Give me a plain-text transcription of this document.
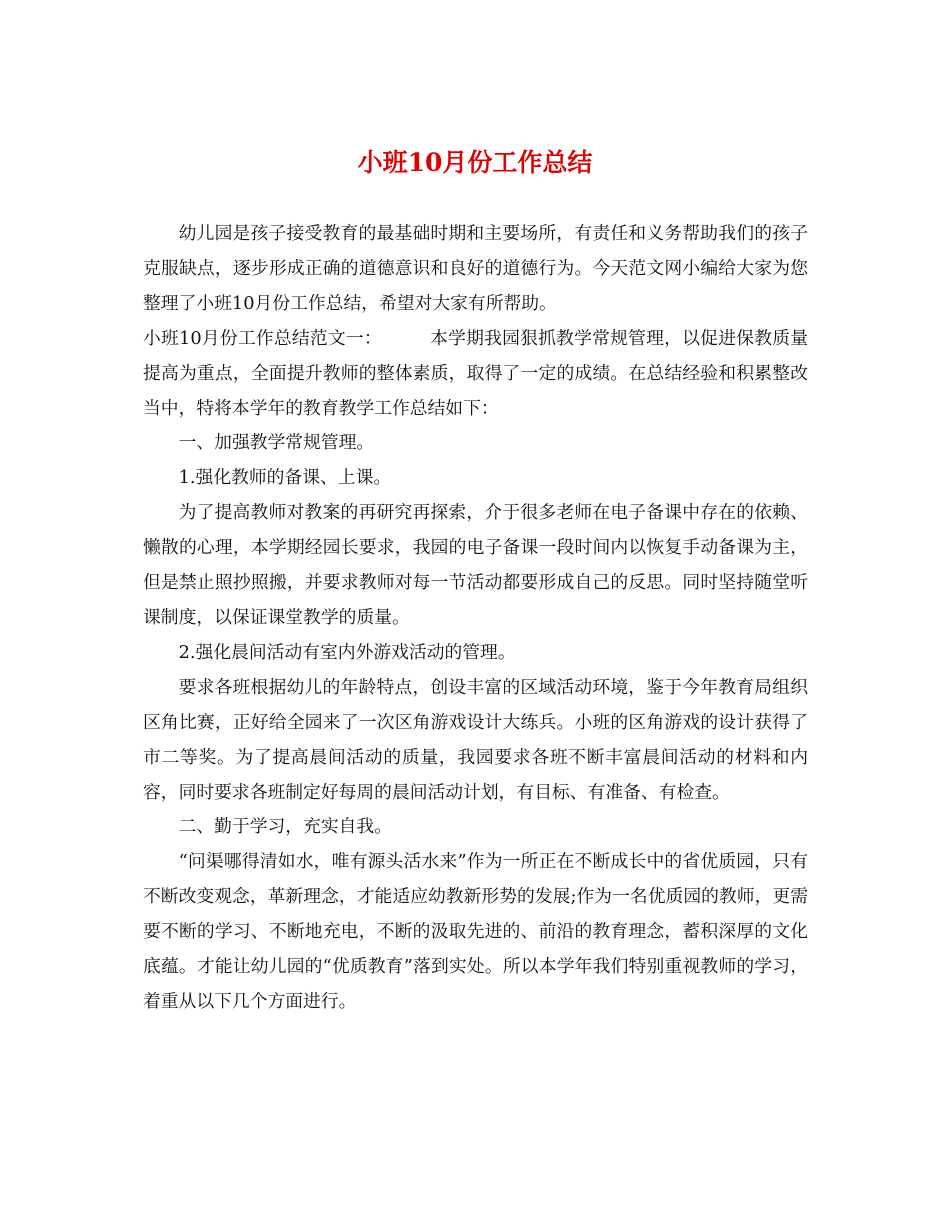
小班10月份工作总结

幼儿园是孩子接受教育的最基础时期和主要场所，有责任和义务帮助我们的孩子克服缺点，逐步形成正确的道德意识和良好的道德行为。今天范文网小编给大家为您整理了小班10月份工作总结，希望对大家有所帮助。

小班10月份工作总结范文一：	本学期我园狠抓教学常规管理，以促进保教质量提高为重点，全面提升教师的整体素质，取得了一定的成绩。在总结经验和积累整改当中，特将本学年的教育教学工作总结如下：

一、加强教学常规管理。

1.强化教师的备课、上课。

为了提高教师对教案的再研究再探索，介于很多老师在电子备课中存在的依赖、懒散的心理，本学期经园长要求，我园的电子备课一段时间内以恢复手动备课为主，但是禁止照抄照搬，并要求教师对每一节活动都要形成自己的反思。同时坚持随堂听课制度，以保证课堂教学的质量。

2.强化晨间活动有室内外游戏活动的管理。

要求各班根据幼儿的年龄特点，创设丰富的区域活动环境，鉴于今年教育局组织区角比赛，正好给全园来了一次区角游戏设计大练兵。小班的区角游戏的设计获得了市二等奖。为了提高晨间活动的质量，我园要求各班不断丰富晨间活动的材料和内容，同时要求各班制定好每周的晨间活动计划，有目标、有准备、有检查。

二、勤于学习，充实自我。

“问渠哪得清如水，唯有源头活水来”作为一所正在不断成长中的省优质园，只有不断改变观念，革新理念，才能适应幼教新形势的发展;作为一名优质园的教师，更需要不断的学习、不断地充电，不断的汲取先进的、前沿的教育理念，蓄积深厚的文化底蕴。才能让幼儿园的“优质教育”落到实处。所以本学年我们特别重视教师的学习，着重从以下几个方面进行。
